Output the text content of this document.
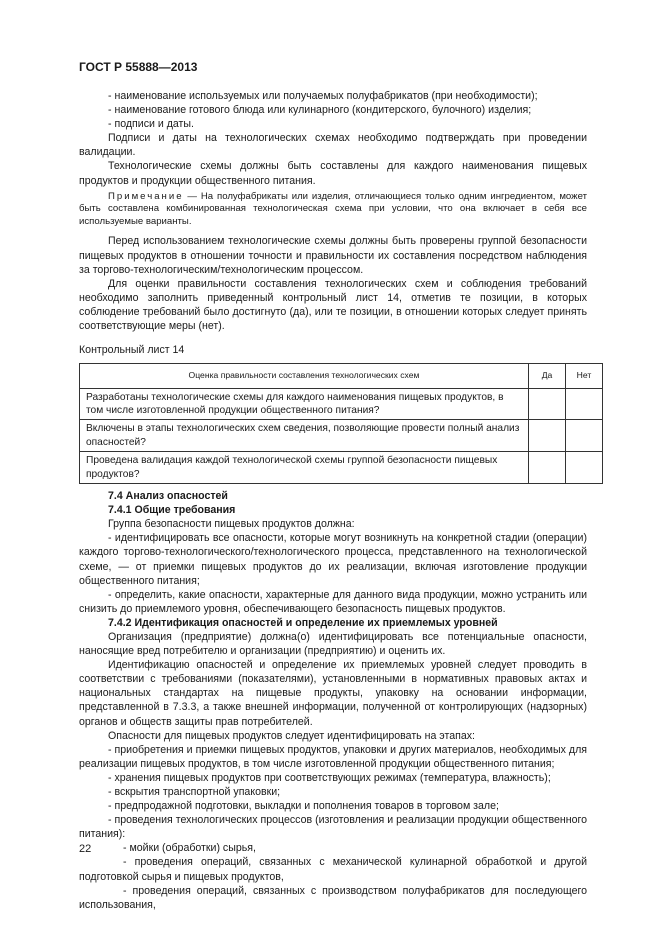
ГОСТ Р 55888—2013

- наименование используемых или получаемых полуфабрикатов (при необходимости);

- наименование готового блюда или кулинарного (кондитерского, булочного) изделия;

- подписи и даты.

Подписи и даты на технологических схемах необходимо подтверждать при проведении валидации.

Технологические схемы должны быть составлены для каждого наименования пищевых продуктов и продукции общественного питания.

Примечание — На полуфабрикаты или изделия, отличающиеся только одним ингредиентом, может быть составлена комбинированная технологическая схема при условии, что она включает в себя все используемые варианты.

Перед использованием технологические схемы должны быть проверены группой безопасности пищевых продуктов в отношении точности и правильности их составления посредством наблюдения за торгово-технологическим/технологическим процессом.

Для оценки правильности составления технологических схем и соблюдения требований необходимо заполнить приведенный контрольный лист 14, отметив те позиции, в которых соблюдение требований было достигнуто (да), или те позиции, в отношении которых следует принять соответствующие меры (нет).

Контрольный лист 14

Оценка правильности составления технологических схем	Да	Нет
Разработаны технологические схемы для каждого наименования пищевых продуктов, в том числе изготовленной продукции общественного питания?		
Включены в этапы технологических схем сведения, позволяющие провести полный анализ опасностей?		
Проведена валидация каждой технологической схемы группой безопасности пищевых продуктов?		

7.4 Анализ опасностей

7.4.1 Общие требования

Группа безопасности пищевых продуктов должна:

- идентифицировать все опасности, которые могут возникнуть на конкретной стадии (операции) каждого торгово-технологического/технологического процесса, представленного на технологической схеме, — от приемки пищевых продуктов до их реализации, включая изготовление продукции общественного питания;

- определить, какие опасности, характерные для данного вида продукции, можно устранить или снизить до приемлемого уровня, обеспечивающего безопасность пищевых продуктов.

7.4.2 Идентификация опасностей и определение их приемлемых уровней

Организация (предприятие) должна(о) идентифицировать все потенциальные опасности, наносящие вред потребителю и организации (предприятию) и оценить их.

Идентификацию опасностей и определение их приемлемых уровней следует проводить в соответствии с требованиями (показателями), установленными в нормативных правовых актах и национальных стандартах на пищевые продукты, упаковку на основании информации, представленной в 7.3.3, а также внешней информации, полученной от контролирующих (надзорных) органов и обществ защиты прав потребителей.

Опасности для пищевых продуктов следует идентифицировать на этапах:

- приобретения и приемки пищевых продуктов, упаковки и других материалов, необходимых для реализации пищевых продуктов, в том числе изготовленной продукции общественного питания;

- хранения пищевых продуктов при соответствующих режимах (температура, влажность);

- вскрытия транспортной упаковки;

- предпродажной подготовки, выкладки и пополнения товаров в торговом зале;

- проведения технологических процессов (изготовления и реализации продукции общественного питания):

- мойки (обработки) сырья,

- проведения операций, связанных с механической кулинарной обработкой и другой подготовкой сырья и пищевых продуктов,

- проведения операций, связанных с производством полуфабрикатов для последующего использования,

22
